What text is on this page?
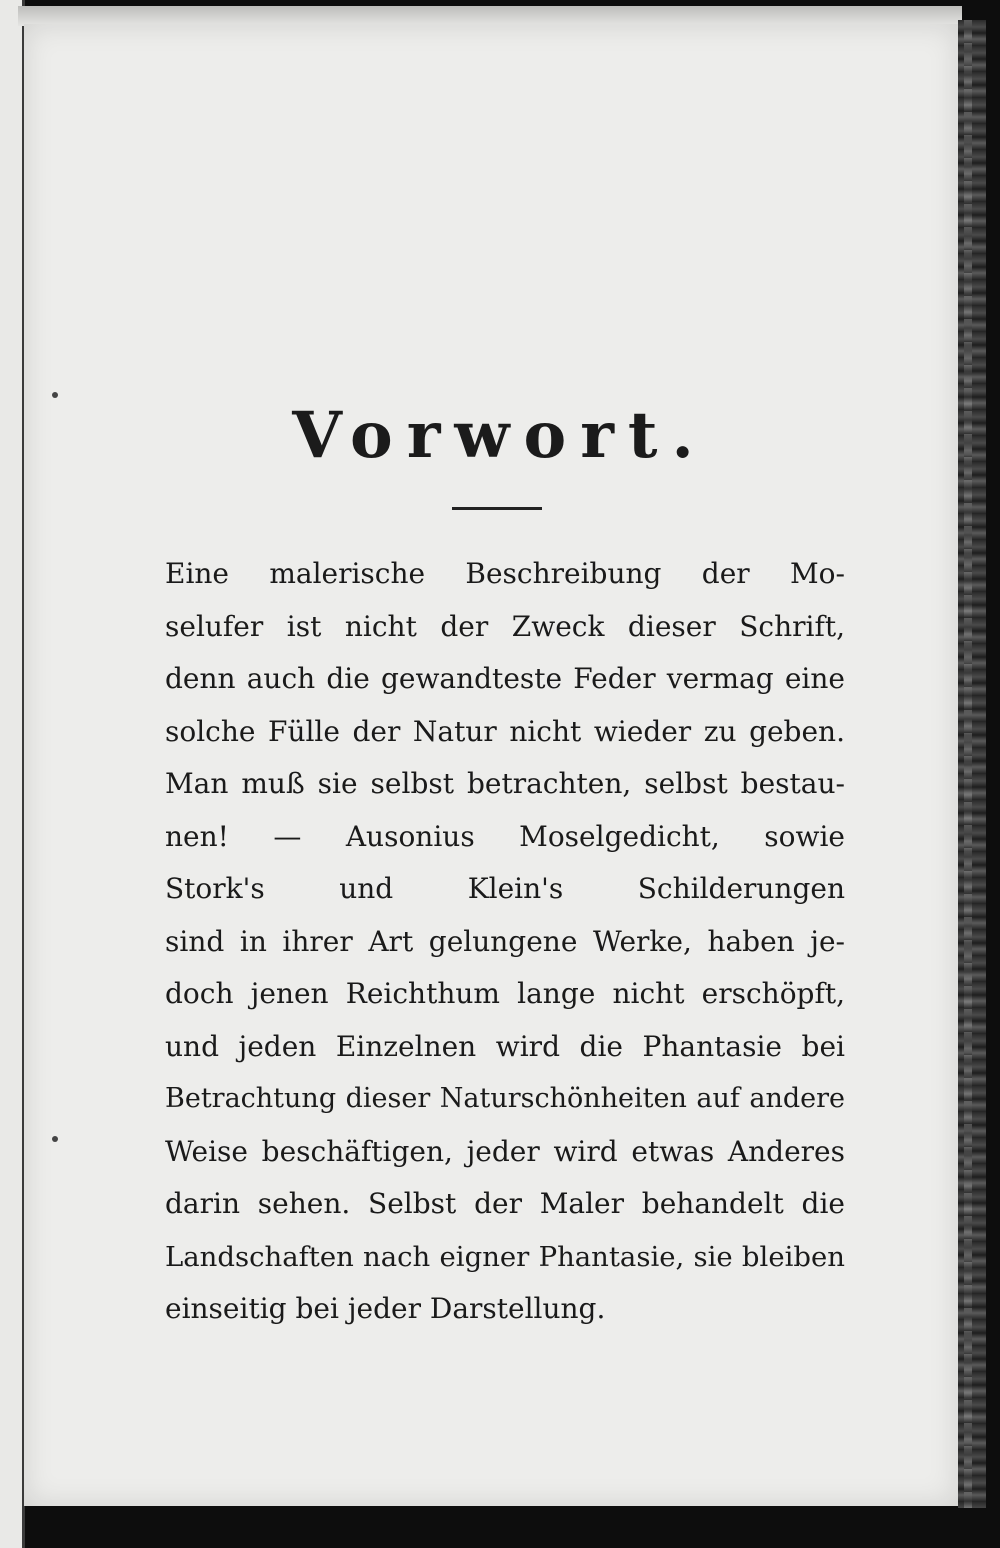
Vorwort.
Eine malerische Beschreibung der Mo-
selufer ist nicht der Zweck dieser Schrift,
denn auch die gewandteste Feder vermag eine
solche Fülle der Natur nicht wieder zu geben.
Man muß sie selbst betrachten, selbst bestau-
nen! — Ausonius Moselgedicht, sowie
Stork's und Klein's Schilderungen
sind in ihrer Art gelungene Werke, haben je-
doch jenen Reichthum lange nicht erschöpft,
und jeden Einzelnen wird die Phantasie bei
Betrachtung dieser Naturschönheiten auf andere
Weise beschäftigen, jeder wird etwas Anderes
darin sehen. Selbst der Maler behandelt die
Landschaften nach eigner Phantasie, sie bleiben
einseitig bei jeder Darstellung.
